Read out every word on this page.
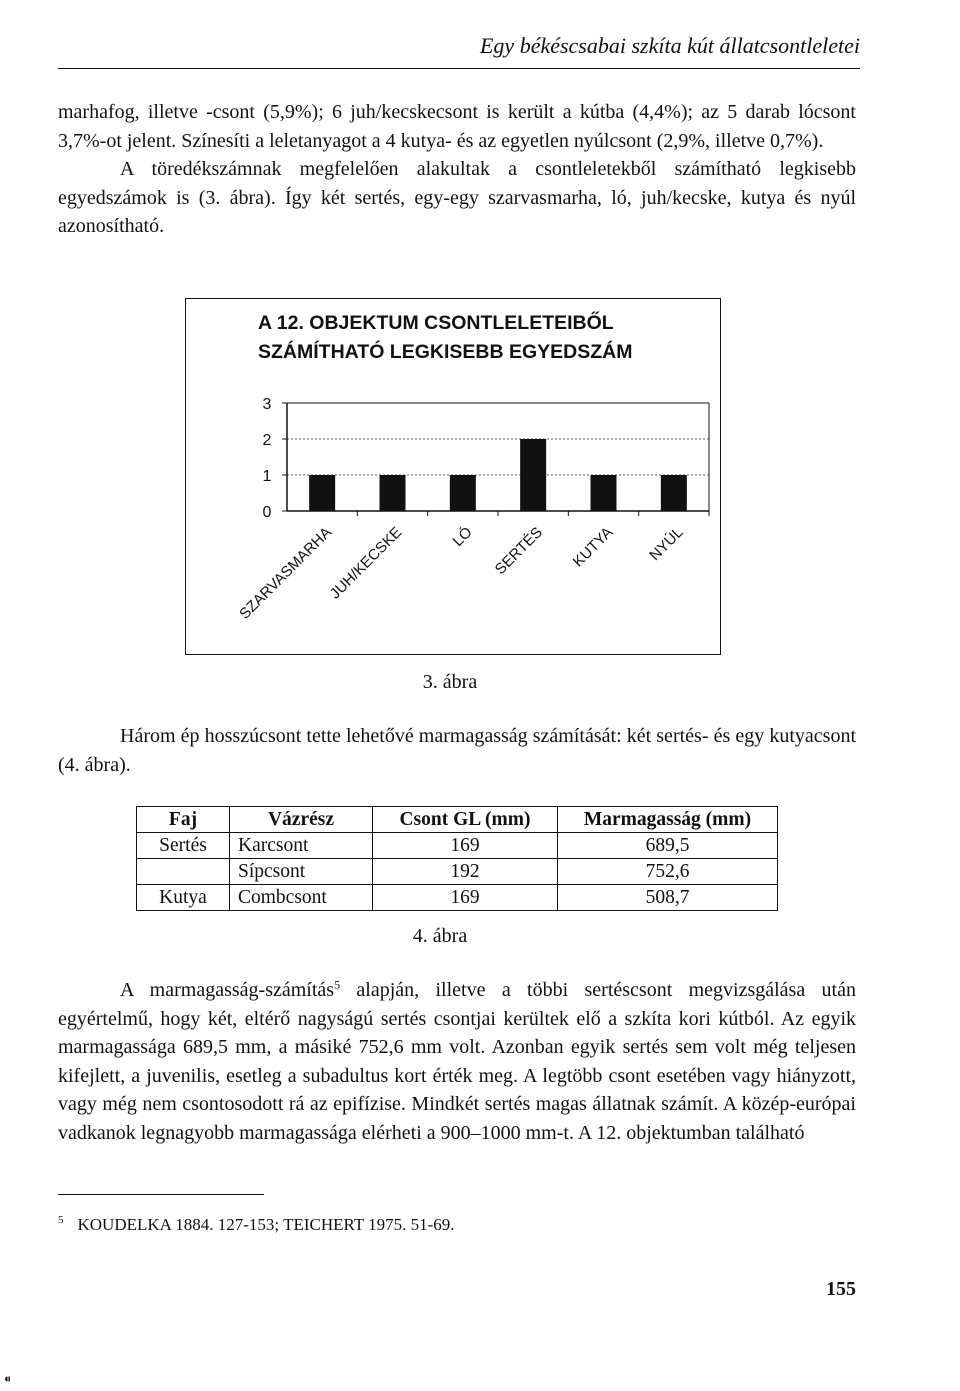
Egy békéscsabai szkíta kút állatcsontleletei

marhafog, illetve -csont (5,9%); 6 juh/kecskecsont is került a kútba (4,4%); az 5 darab lócsont 3,7%-ot jelent. Színesíti a leletanyagot a 4 kutya- és az egyetlen nyúlcsont (2,9%, illetve 0,7%).
A töredékszámnak megfelelően alakultak a csontleletekből számítható legkisebb egyedszámok is (3. ábra). Így két sertés, egy-egy szarvasmarha, ló, juh/kecske, kutya és nyúl azonosítható.

A 12. OBJEKTUM CSONTLELETEIBŐL
SZÁMÍTHATÓ LEGKISEBB EGYEDSZÁM
0
1
2
3
SZARVASMARHA
JUH/KECSKE	LÓ SERTÉS KUTYA NYÚL
3. ábra

Három ép hosszúcsont tette lehetővé marmagasság számítását: két sertés- és egy kutyacsont (4. ábra).

Faj	Vázrész	Csont GL (mm)	Marmagasság (mm)
Sertés	Karcsont	169	689,5
	Sípcsont	192	752,6
Kutya	Combcsont	169	508,7
4. ábra

A marmagasság-számítás$^5$ alapján, illetve a többi sertéscsont megvizsgálása után egyértelmű, hogy két, eltérő nagyságú sertés csontjai kerültek elő a szkíta kori kútból. Az egyik marmagassága 689,5 mm, a másiké 752,6 mm volt. Azonban egyik sertés sem volt még teljesen kifejlett, a juvenilis, esetleg a subadultus kort érték meg. A legtöbb csont esetében vagy hiányzott, vagy még nem csontosodott rá az epifízise. Mindkét sertés magas állatnak számít. A közép-európai vadkanok legnagyobb marmagassága elérheti a 900–1000 mm-t. A 12. objektumban található

$^5$ KOUDELKA 1884. 127-153; TEICHERT 1975. 51-69.
155
⁌
